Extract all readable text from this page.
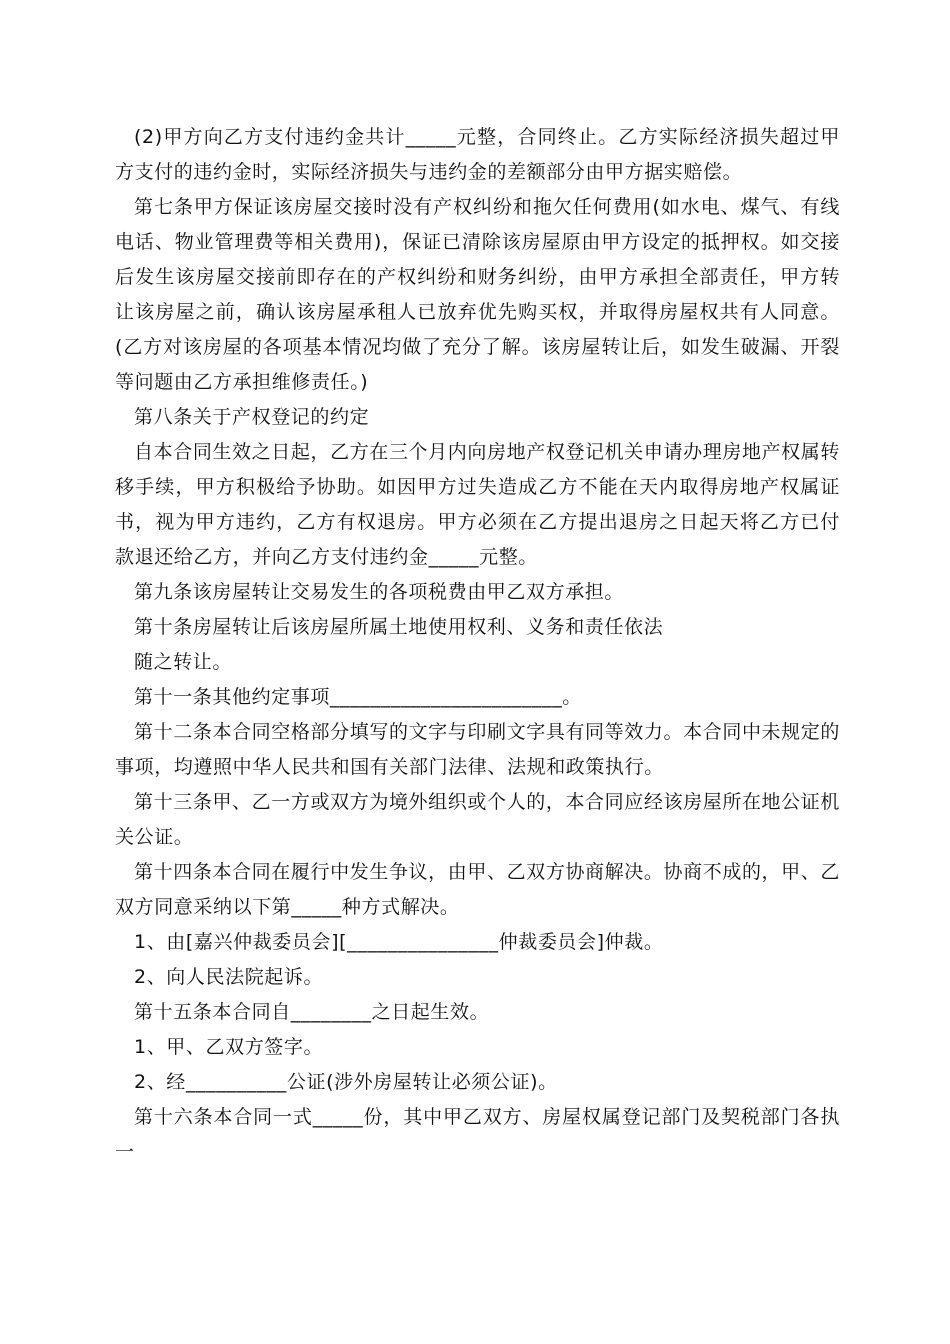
(2)甲方向乙方支付违约金共计_____元整，合同终止。乙方实际经济损失超过甲方支付的违约金时，实际经济损失与违约金的差额部分由甲方据实赔偿。

第七条甲方保证该房屋交接时没有产权纠纷和拖欠任何费用(如水电、煤气、有线电话、物业管理费等相关费用)，保证已清除该房屋原由甲方设定的抵押权。如交接后发生该房屋交接前即存在的产权纠纷和财务纠纷，由甲方承担全部责任，甲方转让该房屋之前，确认该房屋承租人已放弃优先购买权，并取得房屋权共有人同意。(乙方对该房屋的各项基本情况均做了充分了解。该房屋转让后，如发生破漏、开裂等问题由乙方承担维修责任。)

第八条关于产权登记的约定

自本合同生效之日起，乙方在三个月内向房地产权登记机关申请办理房地产权属转移手续，甲方积极给予协助。如因甲方过失造成乙方不能在天内取得房地产权属证书，视为甲方违约，乙方有权退房。甲方必须在乙方提出退房之日起天将乙方已付款退还给乙方，并向乙方支付违约金_____元整。

第九条该房屋转让交易发生的各项税费由甲乙双方承担。

第十条房屋转让后该房屋所属土地使用权利、义务和责任依法

随之转让。

第十一条其他约定事项_______________________。

第十二条本合同空格部分填写的文字与印刷文字具有同等效力。本合同中未规定的事项，均遵照中华人民共和国有关部门法律、法规和政策执行。

第十三条甲、乙一方或双方为境外组织或个人的，本合同应经该房屋所在地公证机关公证。

第十四条本合同在履行中发生争议，由甲、乙双方协商解决。协商不成的，甲、乙双方同意采纳以下第_____种方式解决。

1、由[嘉兴仲裁委员会][_______________仲裁委员会]仲裁。

2、向人民法院起诉。

第十五条本合同自________之日起生效。

1、甲、乙双方签字。

2、经__________公证(涉外房屋转让必须公证)。

第十六条本合同一式_____份，其中甲乙双方、房屋权属登记部门及契税部门各执一
